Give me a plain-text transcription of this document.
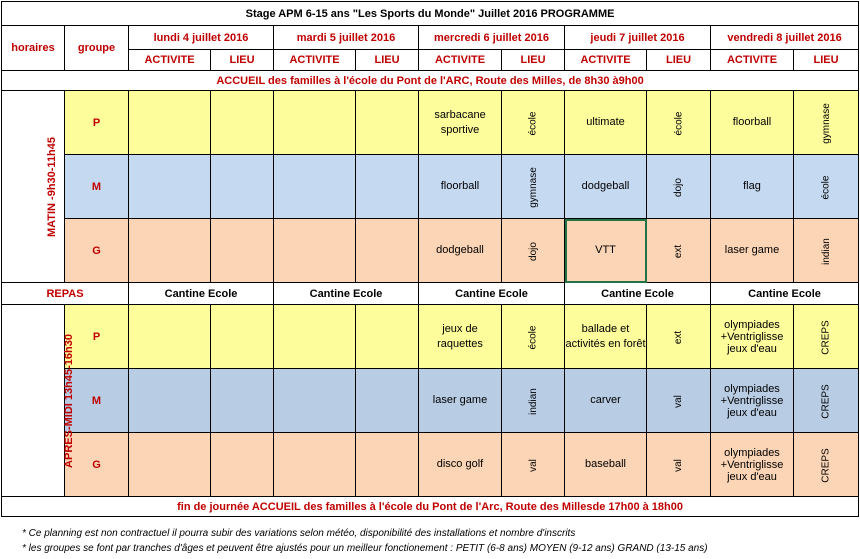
Stage APM 6-15 ans "Les Sports du Monde" Juillet 2016 PROGRAMME											
horaires	groupe	lundi 4 juillet 2016		mardi 5 juillet 2016		mercredi 6 juillet 2016		jeudi 7 juillet 2016		vendredi 8 juillet 2016	
		ACTIVITE	LIEU	ACTIVITE	LIEU	ACTIVITE	LIEU	ACTIVITE	LIEU	ACTIVITE	LIEU
ACCUEIL des familles à l'école du Pont de l'ARC, Route des Milles, de 8h30 à9h00											
MATIN -9h30-11h45	P					sarbacane sportive	école	ultimate	école	floorball	gymnase
	M					floorball	gymnase	dodgeball	dojo	flag	école
	G					dodgeball	dojo	VTT	ext	laser game	indian
REPAS		Cantine Ecole		Cantine Ecole		Cantine Ecole		Cantine Ecole		Cantine Ecole	
APRES-MIDI 13h45-16h30	P					jeux de raquettes	école	ballade et activités en forêt	ext	olympiades +Ventriglisse jeux d'eau	CREPS
	M					laser game	indian	carver	val	olympiades +Ventriglisse jeux d'eau	CREPS
	G					disco golf	val	baseball	val	olympiades +Ventriglisse jeux d'eau	CREPS
fin de journée ACCUEIL des familles à l'école du Pont de l'Arc, Route des Millesde 17h00 à 18h00											
* Ce planning est non contractuel il pourra subir des variations selon météo, disponibilité des installations et nombre d'inscrits
* les groupes se font par tranches d'âges et peuvent être ajustés pour un meilleur fonctionement : PETIT (6-8 ans) MOYEN (9-12 ans) GRAND (13-15 ans)
